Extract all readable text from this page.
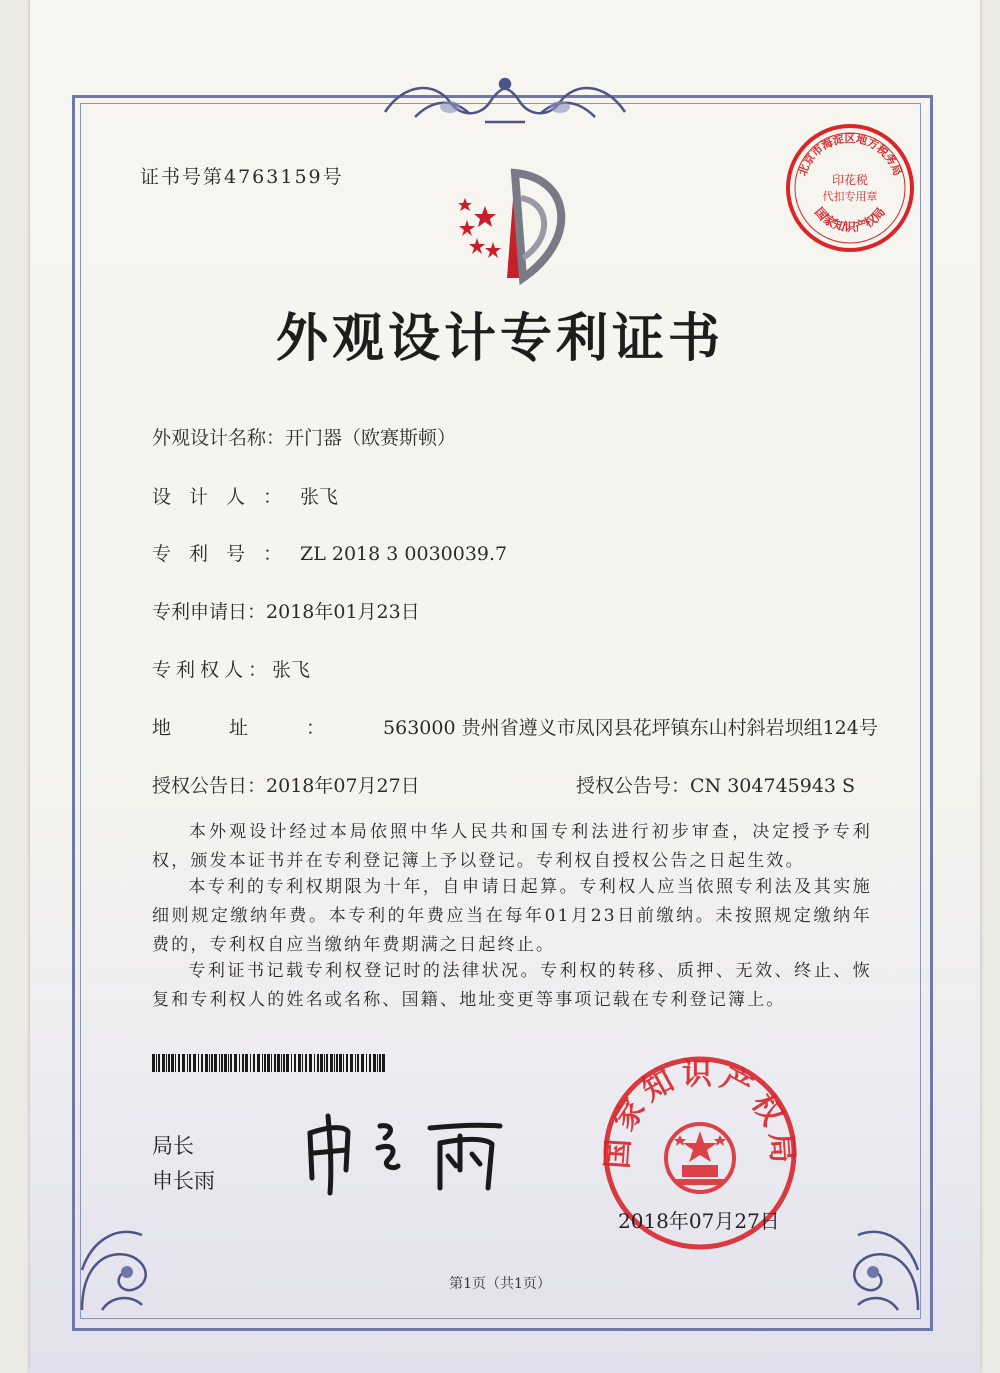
证书号第4763159号	北京市海淀区地方税务局
印花税
代扣专用章
国家知识产权局
外观设计专利证书
外观设计名称：开门器（欧赛斯顿）
设计人：张飞
专利号：ZL 2018 3 0030039.7
专利申请日：2018年01月23日
专利权人：张飞
地址：563000 贵州省遵义市凤冈县花坪镇东山村斜岩坝组124号
授权公告日：2018年07月27日	授权公告号：CN 304745943 S
本外观设计经过本局依照中华人民共和国专利法进行初步审查，决定授予专利权，颁发本证书并在专利登记簿上予以登记。专利权自授权公告之日起生效。
本专利的专利权期限为十年，自申请日起算。专利权人应当依照专利法及其实施细则规定缴纳年费。本专利的年费应当在每年01月23日前缴纳。未按照规定缴纳年费的，专利权自应当缴纳年费期满之日起终止。
专利证书记载专利权登记时的法律状况。专利权的转移、质押、无效、终止、恢复和专利权人的姓名或名称、国籍、地址变更等事项记载在专利登记簿上。
局长
申长雨
国家知识产权局
2018年07月27日
第1页（共1页）
